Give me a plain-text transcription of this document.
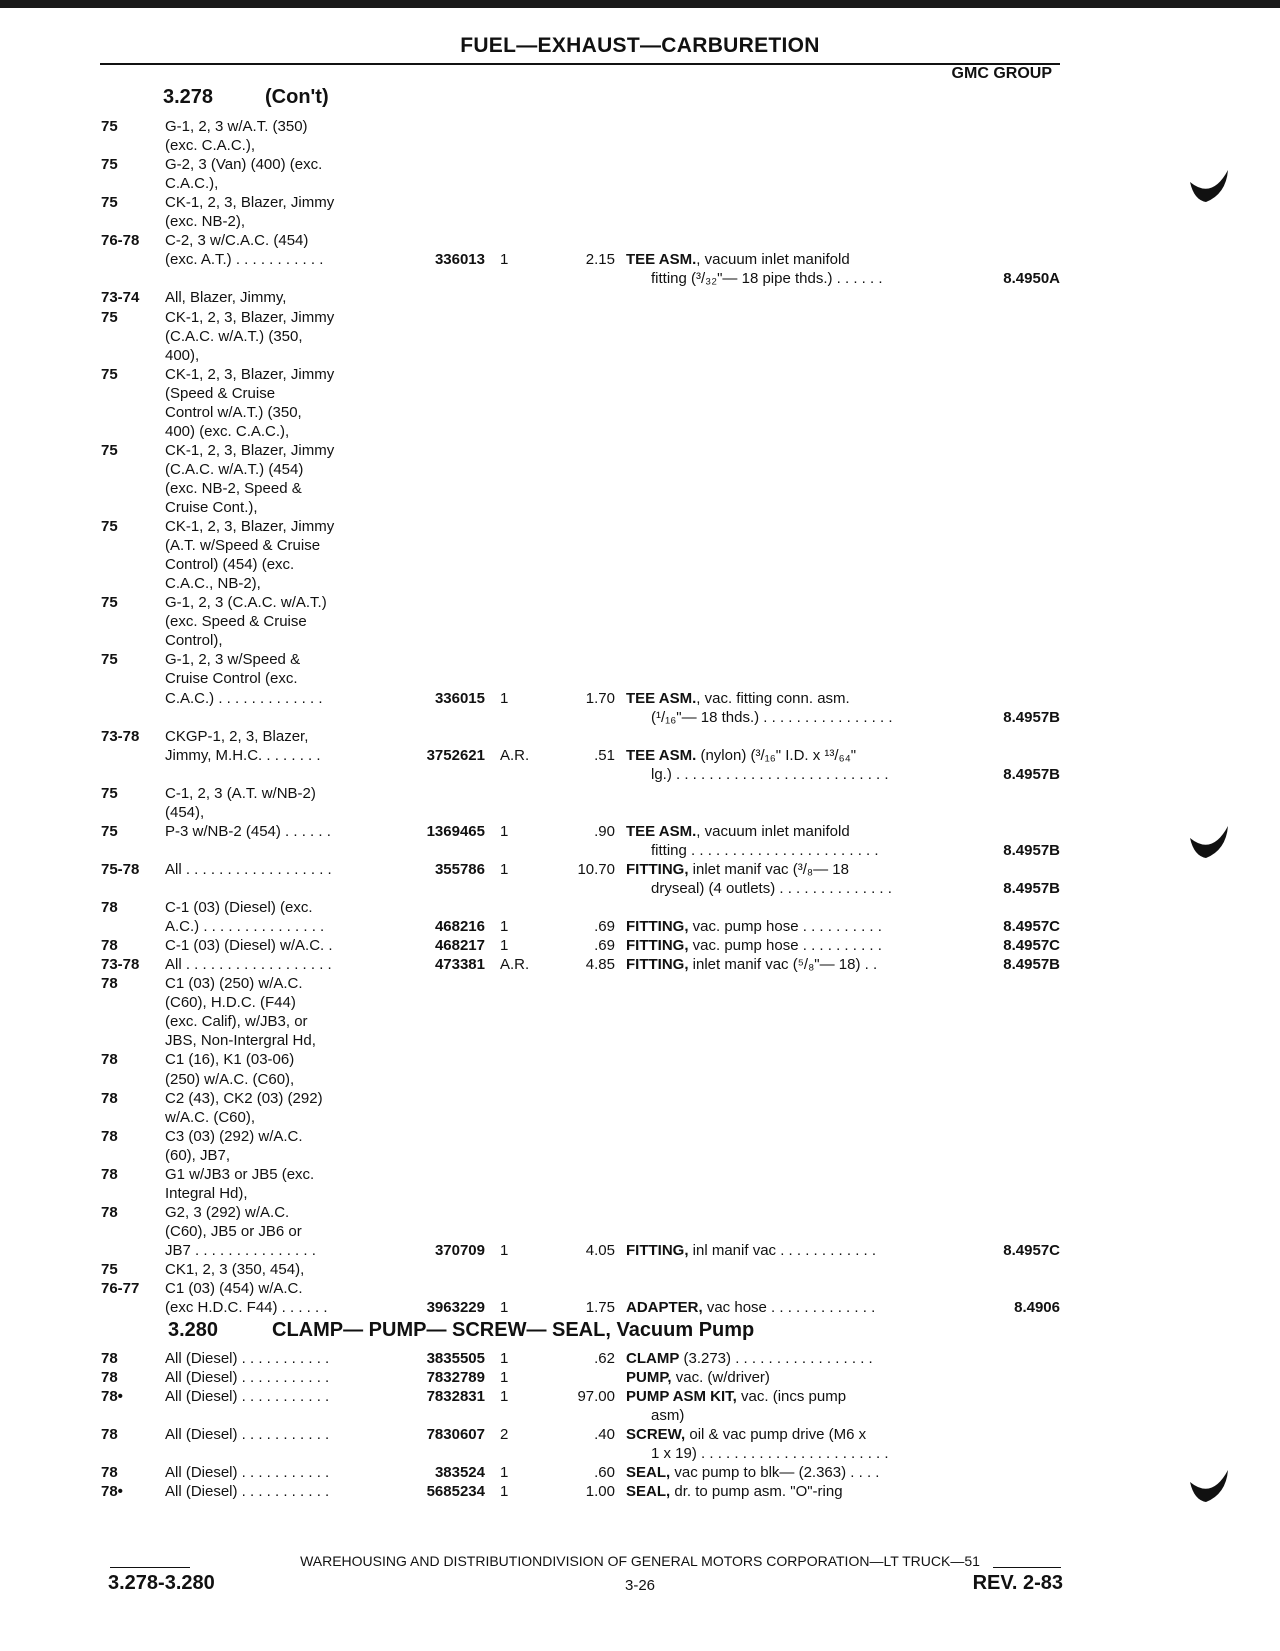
FUEL—EXHAUST—CARBURETION
GMC GROUP
3.278	(Con't)
75	G-1, 2, 3 w/A.T. (350)
(exc. C.A.C.),
75	G-2, 3 (Van) (400) (exc.
C.A.C.),
75	CK-1, 2, 3, Blazer, Jimmy
(exc. NB-2),
76-78 C-2, 3 w/C.A.C. (454)
(exc. A.T.) . . . . . . . . . . .	336013 1	2.15 TEE ASM., vacuum inlet manifold
fitting (³/₃₂"— 18 pipe thds.) . . . . . .	8.4950A
73-74 All, Blazer, Jimmy,
75	CK-1, 2, 3, Blazer, Jimmy
(C.A.C. w/A.T.) (350,
400),
75	CK-1, 2, 3, Blazer, Jimmy
(Speed & Cruise
Control w/A.T.) (350,
400) (exc. C.A.C.),
75	CK-1, 2, 3, Blazer, Jimmy
(C.A.C. w/A.T.) (454)
(exc. NB-2, Speed &
Cruise Cont.),
75	CK-1, 2, 3, Blazer, Jimmy
(A.T. w/Speed & Cruise
Control) (454) (exc.
C.A.C., NB-2),
75	G-1, 2, 3 (C.A.C. w/A.T.)
(exc. Speed & Cruise
Control),
75	G-1, 2, 3 w/Speed &
Cruise Control (exc.
C.A.C.) . . . . . . . . . . . . .	336015 1	1.70 TEE ASM., vac. fitting conn. asm.
(¹/₁₆"— 18 thds.) . . . . . . . . . . . . . . . .	8.4957B
73-78 CKGP-1, 2, 3, Blazer,
Jimmy, M.H.C. . . . . . . .	3752621 A.R.	.51 TEE ASM. (nylon) (³/₁₆" I.D. x ¹³/₆₄"
lg.) . . . . . . . . . . . . . . . . . . . . . . . . . .	8.4957B
75	C-1, 2, 3 (A.T. w/NB-2)
(454),
75	P-3 w/NB-2 (454) . . . . . .	1369465 1	.90 TEE ASM., vacuum inlet manifold
fitting . . . . . . . . . . . . . . . . . . . . . . .	8.4957B
75-78 All . . . . . . . . . . . . . . . . . .	355786 1	10.70 FITTING, inlet manif vac (³/₈— 18
dryseal) (4 outlets) . . . . . . . . . . . . . .	8.4957B
78	C-1 (03) (Diesel) (exc.
A.C.) . . . . . . . . . . . . . . .	468216 1	.69 FITTING, vac. pump hose . . . . . . . . . .	8.4957C
78	C-1 (03) (Diesel) w/A.C. .	468217 1	.69 FITTING, vac. pump hose . . . . . . . . . .	8.4957C
73-78 All . . . . . . . . . . . . . . . . . .	473381 A.R.	4.85 FITTING, inlet manif vac (⁵/₈"— 18) . .	8.4957B
78	C1 (03) (250) w/A.C.
(C60), H.D.C. (F44)
(exc. Calif), w/JB3, or
JBS, Non-Intergral Hd,
78	C1 (16), K1 (03-06)
(250) w/A.C. (C60),
78	C2 (43), CK2 (03) (292)
w/A.C. (C60),
78	C3 (03) (292) w/A.C.
(60), JB7,
78	G1 w/JB3 or JB5 (exc.
Integral Hd),
78	G2, 3 (292) w/A.C.
(C60), JB5 or JB6 or
JB7 . . . . . . . . . . . . . . .	370709 1	4.05 FITTING, inl manif vac . . . . . . . . . . . .	8.4957C
75	CK1, 2, 3 (350, 454),
76-77 C1 (03) (454) w/A.C.
(exc H.D.C. F44) . . . . . .	3963229 1	1.75 ADAPTER, vac hose . . . . . . . . . . . . .	8.4906
3.280	CLAMP— PUMP— SCREW— SEAL, Vacuum Pump
78	All (Diesel) . . . . . . . . . . .	3835505 1	.62 CLAMP (3.273) . . . . . . . . . . . . . . . . .
78	All (Diesel) . . . . . . . . . . .	7832789 1	PUMP, vac. (w/driver)
78•	All (Diesel) . . . . . . . . . . .	7832831 1	97.00 PUMP ASM KIT, vac. (incs pump
asm)
78	All (Diesel) . . . . . . . . . . .	7830607 2	.40 SCREW, oil & vac pump drive (M6 x
1 x 19) . . . . . . . . . . . . . . . . . . . . . . .
78	All (Diesel) . . . . . . . . . . .	383524 1	.60 SEAL, vac pump to blk— (2.363) . . . .
78•	All (Diesel) . . . . . . . . . . .	5685234 1	1.00 SEAL, dr. to pump asm. "O"-ring
WAREHOUSING AND DISTRIBUTIONDIVISION OF GENERAL MOTORS CORPORATION—LT TRUCK—51
3.278-3.280	3-26	REV. 2-83
